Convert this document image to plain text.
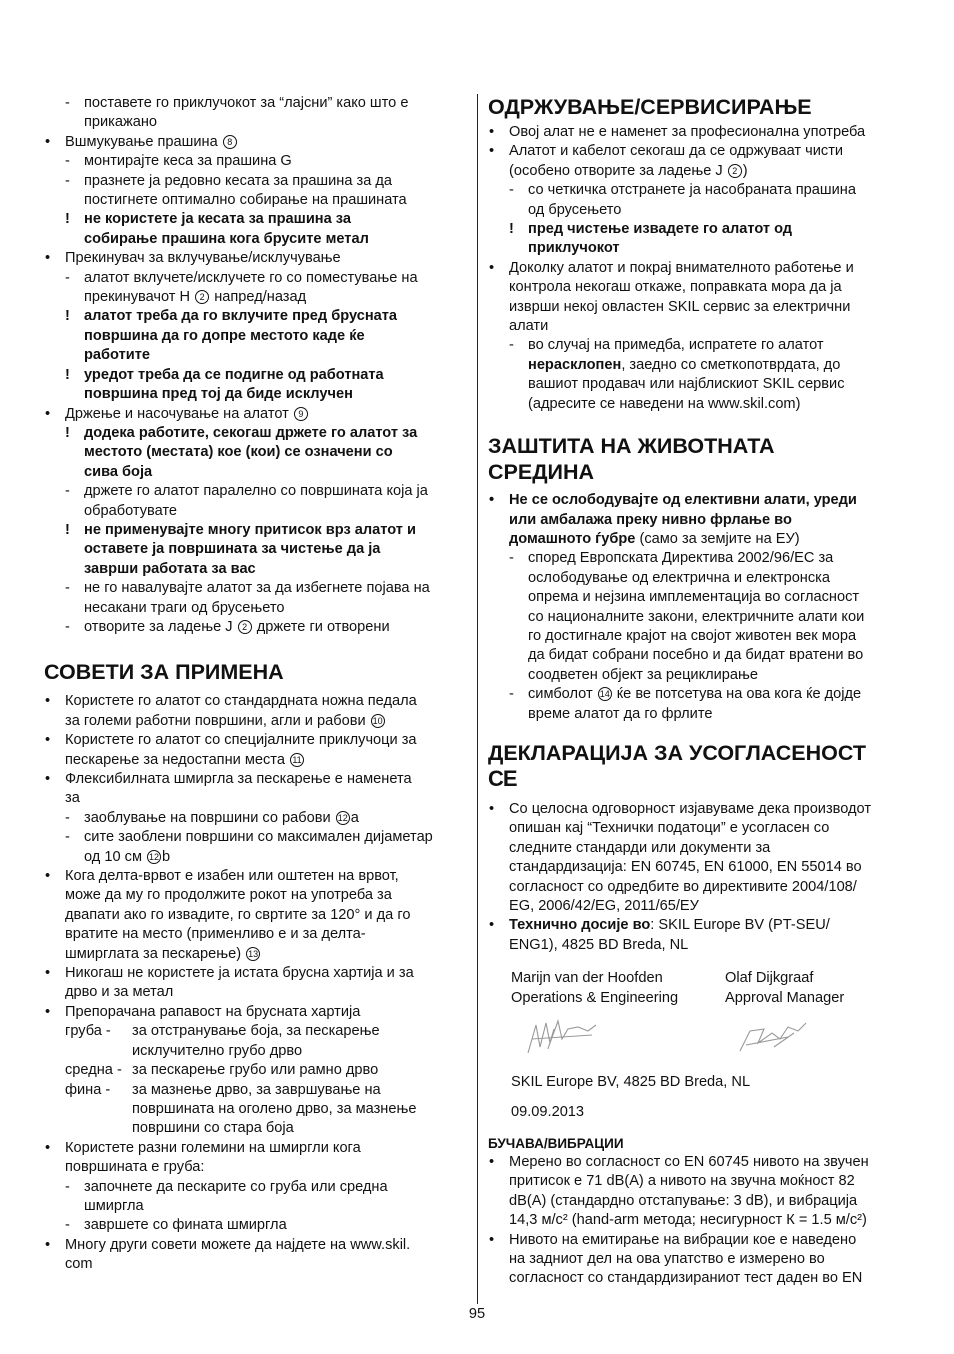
- поставете го приклучокот за “лајсни” како што е
прикажано
• Вшмукување прашина 8
- монтирајте кеса за прашина G
- празнете ја редовно кесата за прашина за да
постигнете оптимално собирање на прашината
! не користете ја кесата за прашина за
собирање прашина кога брусите метал
• Прекинувач за вклучување/исклучување
- алатот вклучете/исклучете го со поместување на
прекинувачот H 2 напред/назад
! алатот треба да го вклучите пред брусната
површина да го допре местото каде ќе
работите
! уредот треба да се подигне од работната
површина пред тој да биде исклучен
• Држење и насочување на алатот 9
! додека работите, секогаш држете го алатот за
местото (местата) кое (кои) се означени со
сива боја
- држете го алатот паралелно со површината која ја
обработувате
! не применувајте многу притисок врз алатот и
оставете ја површината за чистење да ја
заврши работата за вас
- не го навалувајте алатот за да избегнете појава на
несакани траги од брусењето
- отворите за ладење J 2 држете ги отворени
СОВЕТИ ЗА ПРИМЕНА
• Користете го алатот со стандардната ножна педала
за големи работни површини, агли и рабови 10
• Користете го алатот со специјалните приклучоци за
пескарење за недостапни места 11
• Флексибилната шмиргла за пескарење е наменета
за
- заоблување на површини со рабови 12 a
- сите заоблени површини со максимален дијаметар
од 10 см 12 b
• Кога делта-врвот е изабен или оштетен на врвот,
може да му го продолжите рокот на употреба за
двапати ако го извадите, го свртите за 120° и да го
вратите на место (применливо е и за делта-
шмирглата за пескарење) 13
• Никогаш не користете ја истата брусна хартија и за
дрво и за метал
• Препорачана рапавост на брусната хартија
груба -	за отстранување боја, за пескарење
исклучително грубо дрво
средна - за пескарење грубо или рамно дрво
фина -	за мазнење дрво, за завршување на
површината на оголено дрво, за мазнење
површини со стара боја
• Користете разни големини на шмиргли кога
површината е груба:
- започнете да пескарите со груба или средна
шмиргла
- завршете со фината шмиргла
• Многу други совети можете да најдете на www.skil.
com
ОДРЖУВАЊЕ/СЕРВИСИРАЊЕ
• Овој алат не е наменет за професионална употреба
• Алатот и кабелот секогаш да се одржуваат чисти
(особено отворите за ладење J 2 )
- со четкичка отстранете ја насобраната прашина
од брусењето
! пред чистење извадете го алатот од
приклучокот
• Доколку алатот и покрај внимателното работење и
контрола некогаш откаже, поправката мора да ја
изврши некој овластен SKIL сервис за електрични
алати
- во случај на примедба, испратете го алатот
нерасклопен, заедно со сметкопотврдата, до
вашиот продавач или најблискиот SKIL сервис
(адресите се наведени на www.skil.com)
ЗАШТИТА НА ЖИВОТНАТА
СРЕДИНА
• Не се ослободувајте од елективни алати, уреди
или амбалажа преку нивно фрлање во
домашното ѓубре (само за земјите на ЕУ)
- според Европската Директива 2002/96/ЕС за
ослободување од електрична и електронска
опрема и нејзина имплементација во согласност
со националните закони, електричните алати кои
го достигнале крајот на својот животен век мора
да бидат собрани посебно и да бидат вратени во
соодветен објект за рециклирање
- симболот 14 ќе ве потсетува на ова кога ќе дојде
време алатот да го фрлите
ДЕКЛАРАЦИЈА ЗА УСОГЛАСЕНОСТ
CE
• Со целосна одговорност изјавуваме дека производот
опишан кај “Технички податоци” е усогласен со
следните стандарди или документи за
стандардизација: EN 60745, EN 61000, EN 55014 во
согласност со одредбите во директивите 2004/108/
EG, 2006/42/EG, 2011/65/ЕУ
• Технично досије во: SKIL Europe BV (PT-SEU/
ENG1), 4825 BD Breda, NL
Marijn van der Hoofden
Operations & Engineering
Olaf Dijkgraaf
Approval Manager
SKIL Europe BV, 4825 BD Breda, NL
09.09.2013
БУЧАВА/ВИБРАЦИИ
• Мерено во согласност со EN 60745 нивото на звучен
притисок е 71 dB(A) а нивото на звучна моќност 82
dB(A) (стандардно отстапување: 3 dB), и вибрација
14,3 м/с² (hand-arm метода; несигурност К = 1.5 м/с²)
• Нивото на емитирање на вибрации кое е наведено
на задниот дел на ова упатство е измерено во
согласност со стандардизираниот тест даден во EN
95
